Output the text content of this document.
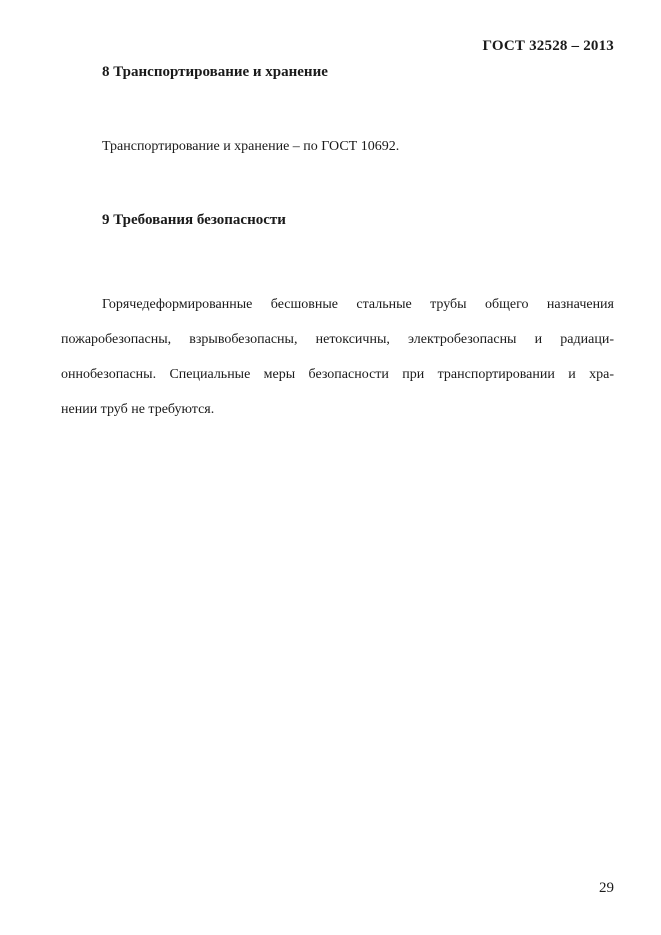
ГОСТ 32528 – 2013
8 Транспортирование и хранение
Транспортирование и хранение – по ГОСТ 10692.
9 Требования безопасности
Горячедеформированные бесшовные стальные трубы общего назначения
пожаробезопасны, взрывобезопасны, нетоксичны, электробезопасны и радиаци-
оннобезопасны. Специальные меры безопасности при транспортировании и хра-
нении труб не требуются.
29
